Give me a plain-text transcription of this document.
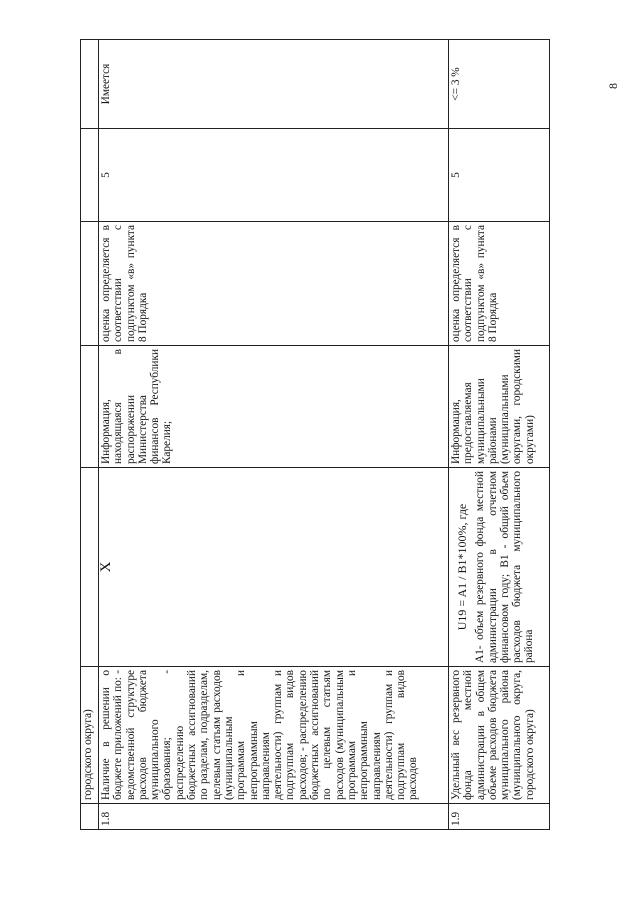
	городского округа)					
1.8	Наличие в решении о бюджете приложений по: - ведомственной структуре расходов бюджета муниципального образования; - распределению бюджетных ассигнований по разделам, подразделам, целевым статьям расходов (муниципальным программам и непрограммным направлениям деятельности) группам и подгруппам видов расходов; - распределению бюджетных ассигнований по целевым статьям расходов (муниципальным программам и непрограммным направлениям деятельности) группам и подгруппам видов расходов	X	Информация, находящаяся в распоряжении Министерства финансов Республики Карелия;	оценка определяется в соответствии с подпунктом «в» пункта 8 Порядка	5	Имеется
1.9	Удельный вес резервного фонда местной администрации в общем объеме расходов бюджета муниципального района (муниципального округа, городского округа)	U19 = A1 / B1*100%, где A1- объем резервного фонда местной администрации в отчетном финансовом году; B1 - общий объем расходов бюджета муниципального района	Информация, предоставляемая муниципальными районами (муниципальными округами, городскими округами)	оценка определяется в соответствии с подпунктом «в» пункта 8 Порядка	5	<= 3 %	8
